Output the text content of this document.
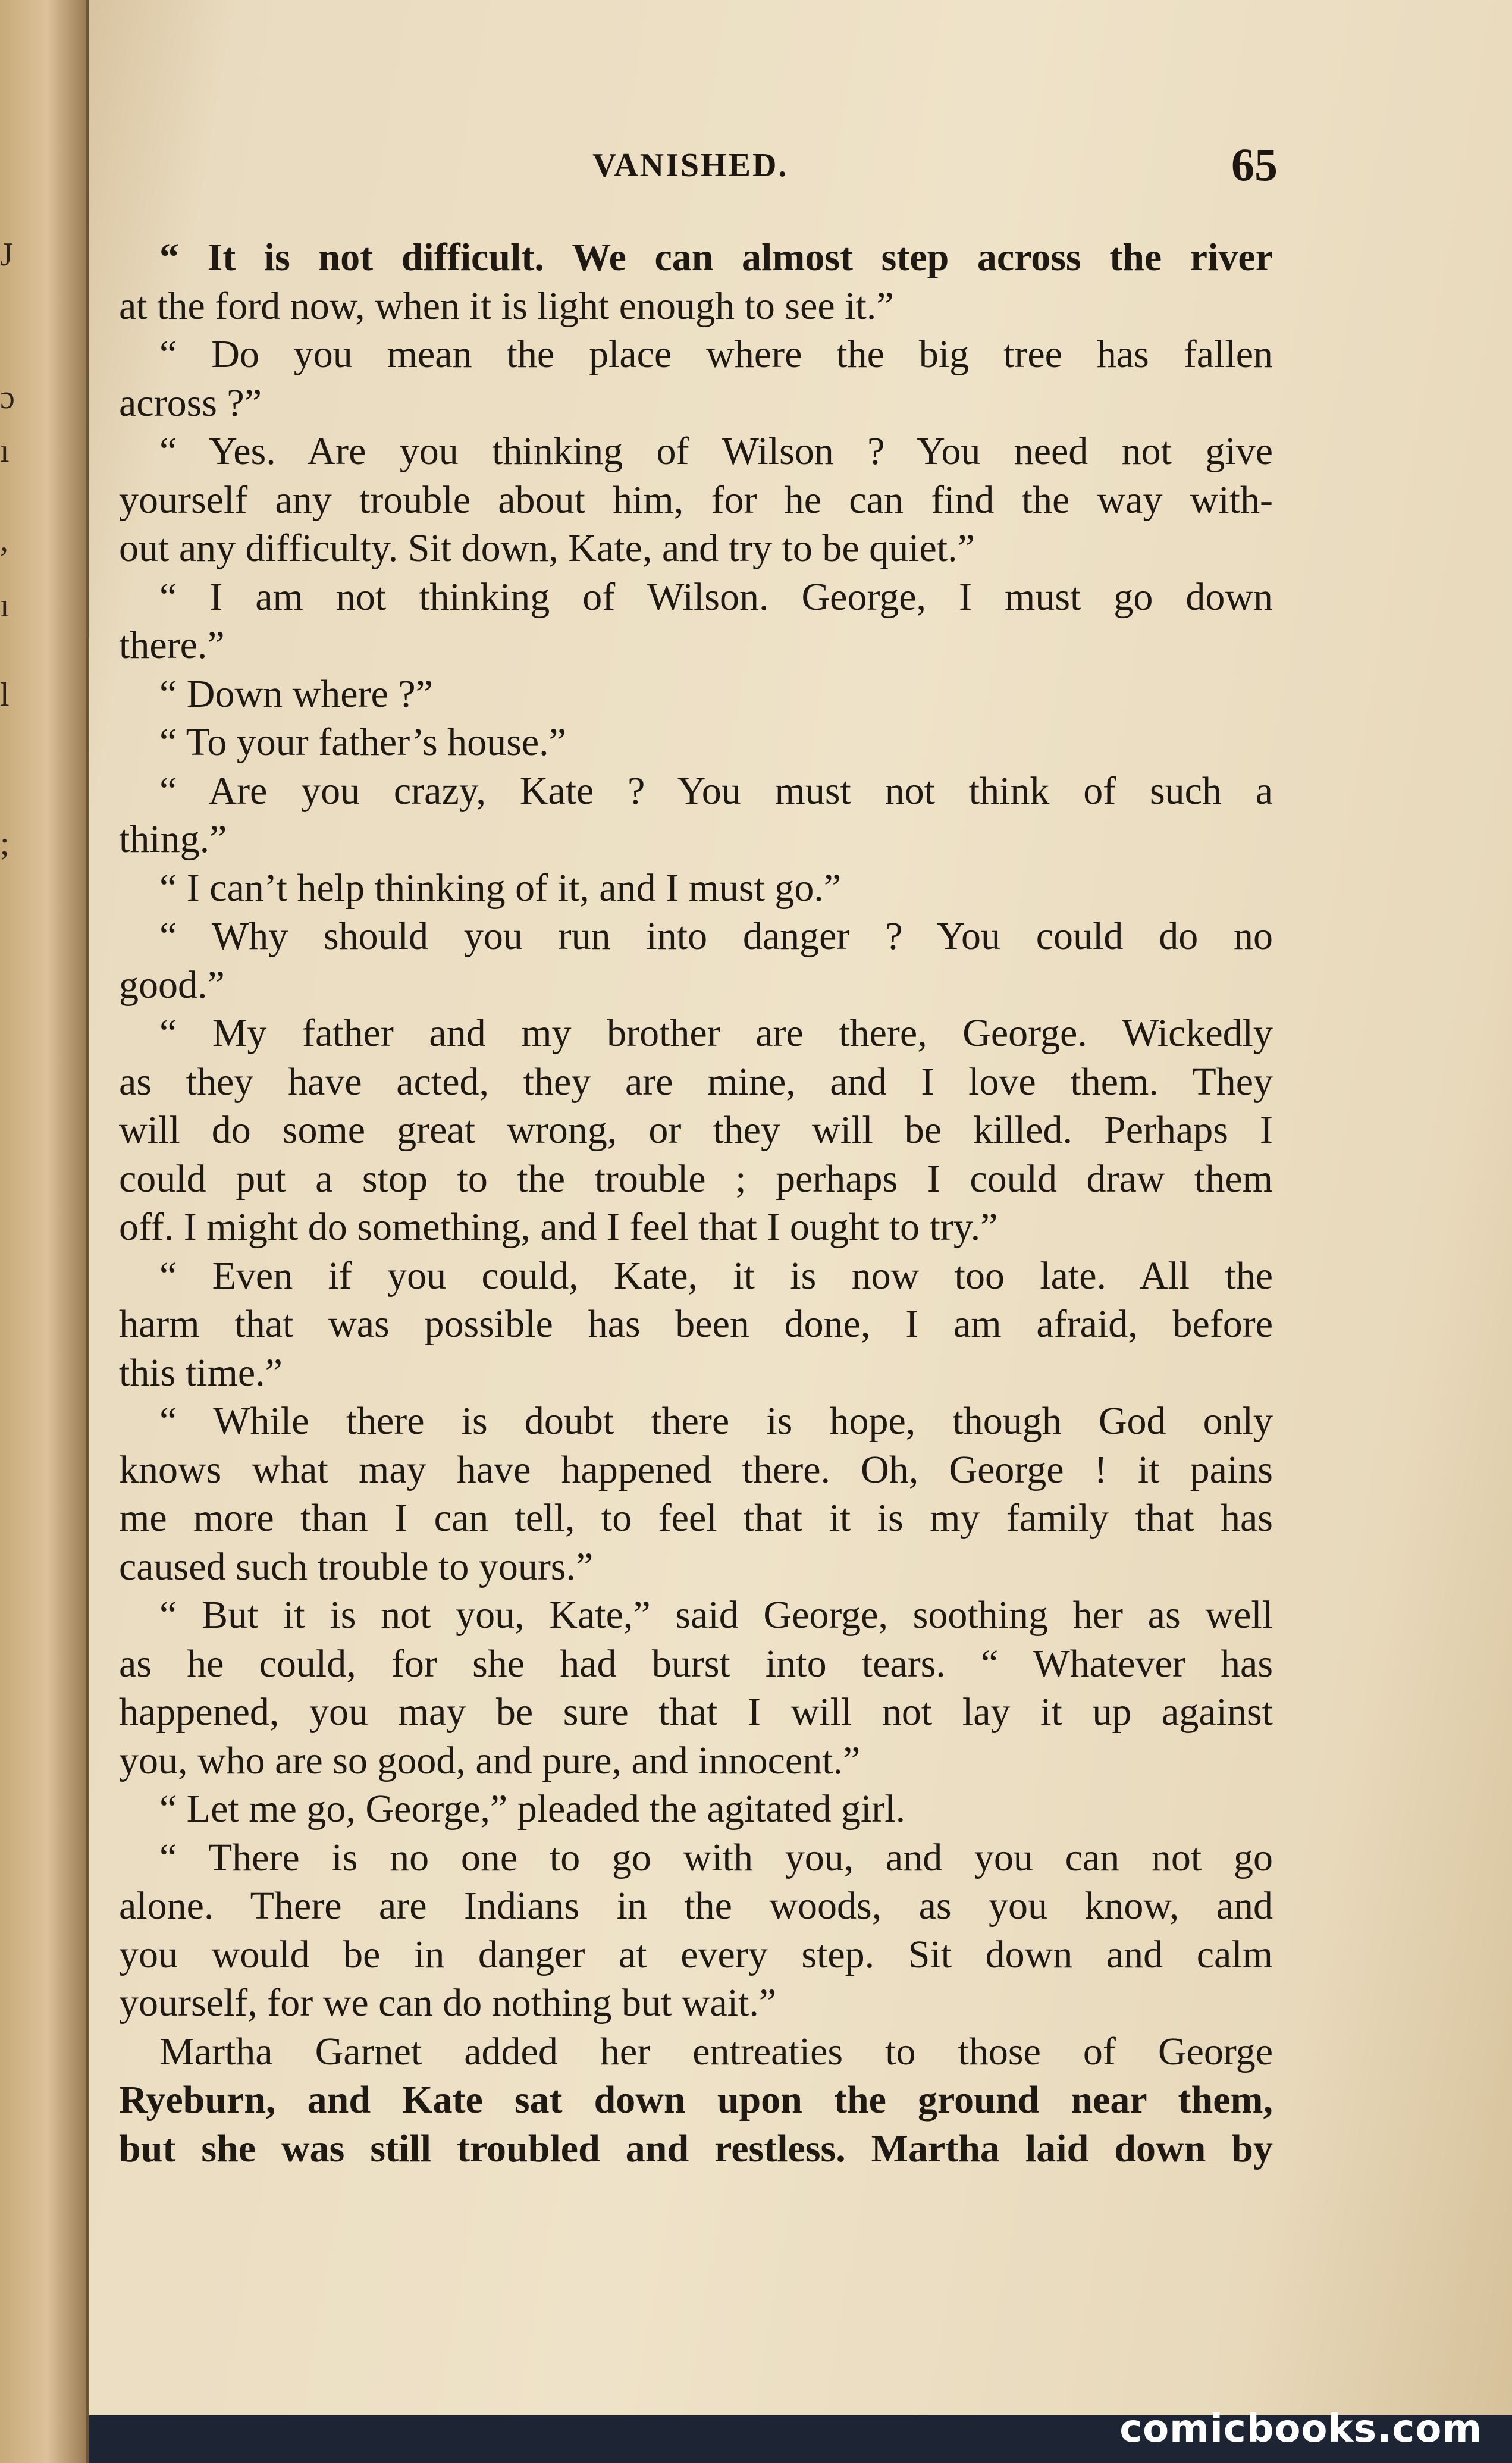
J
ɔ
ı
,
ı
l
;
VANISHED.	65
“ It is not difficult. We can almost step across the river
at the ford now, when it is light enough to see it.”
“ Do you mean the place where the big tree has fallen
across ?”
“ Yes. Are you thinking of Wilson ? You need not give
yourself any trouble about him, for he can find the way with-
out any difficulty. Sit down, Kate, and try to be quiet.”
“ I am not thinking of Wilson. George, I must go down
there.”
“ Down where ?”
“ To your father’s house.”
“ Are you crazy, Kate ? You must not think of such a
thing.”
“ I can’t help thinking of it, and I must go.”
“ Why should you run into danger ? You could do no
good.”
“ My father and my brother are there, George. Wickedly
as they have acted, they are mine, and I love them. They
will do some great wrong, or they will be killed. Perhaps I
could put a stop to the trouble ; perhaps I could draw them
off. I might do something, and I feel that I ought to try.”
“ Even if you could, Kate, it is now too late. All the
harm that was possible has been done, I am afraid, before
this time.”
“ While there is doubt there is hope, though God only
knows what may have happened there. Oh, George ! it pains
me more than I can tell, to feel that it is my family that has
caused such trouble to yours.”
“ But it is not you, Kate,” said George, soothing her as well
as he could, for she had burst into tears. “ Whatever has
happened, you may be sure that I will not lay it up against
you, who are so good, and pure, and innocent.”
“ Let me go, George,” pleaded the agitated girl.
“ There is no one to go with you, and you can not go
alone. There are Indians in the woods, as you know, and
you would be in danger at every step. Sit down and calm
yourself, for we can do nothing but wait.”
Martha Garnet added her entreaties to those of George
Ryeburn, and Kate sat down upon the ground near them,
but she was still troubled and restless. Martha laid down by
comicbooks.com
